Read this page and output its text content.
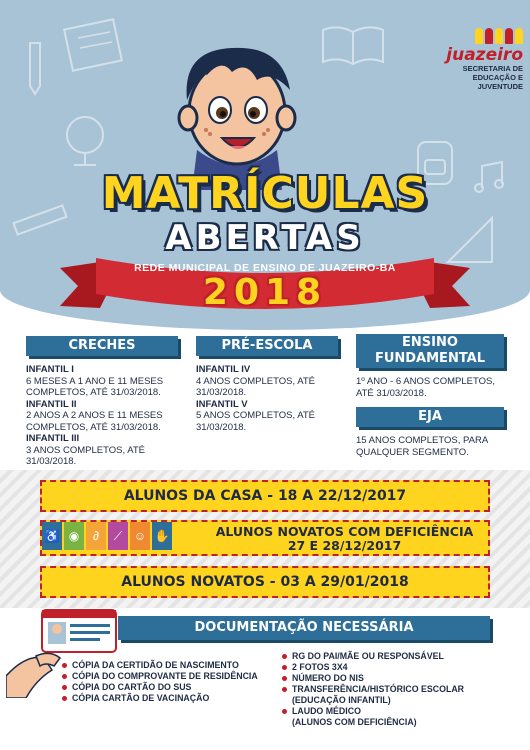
juazeiro
SECRETARIA DE
EDUCAÇÃO E JUVENTUDE
MATRÍCULAS
ABERTAS
REDE MUNICIPAL DE ENSINO DE JUAZEIRO-BA
2018
CRECHES
INFANTIL I
6 MESES A 1 ANO E 11 MESES COMPLETOS, ATÉ 31/03/2018.
INFANTIL II
2 ANOS A 2 ANOS E 11 MESES COMPLETOS, ATÉ 31/03/2018.
INFANTIL III
3 ANOS COMPLETOS, ATÉ 31/03/2018.
PRÉ-ESCOLA
INFANTIL IV
4 ANOS COMPLETOS, ATÉ 31/03/2018.
INFANTIL V
5 ANOS COMPLETOS, ATÉ 31/03/2018.
ENSINO
FUNDAMENTAL
1º ANO - 6 ANOS COMPLETOS, ATÉ 31/03/2018.
EJA
15 ANOS COMPLETOS, PARA QUALQUER SEGMENTO.
ALUNOS DA CASA - 18 A 22/12/2017
ALUNOS NOVATOS COM DEFICIÊNCIA
27 E 28/12/2017
♿ ◉	∂	⟋ ☺ ✋
ALUNOS NOVATOS - 03 A 29/01/2018
DOCUMENTAÇÃO NECESSÁRIA
CÓPIA DA CERTIDÃO DE NASCIMENTO
CÓPIA DO COMPROVANTE DE RESIDÊNCIA
CÓPIA DO CARTÃO DO SUS
CÓPIA CARTÃO DE VACINAÇÃO
RG DO PAI/MÃE OU RESPONSÁVEL
2 FOTOS 3X4
NÚMERO DO NIS
TRANSFERÊNCIA/HISTÓRICO ESCOLAR
(EDUCAÇÃO INFANTIL)
LAUDO MÉDICO
(ALUNOS COM DEFICIÊNCIA)
